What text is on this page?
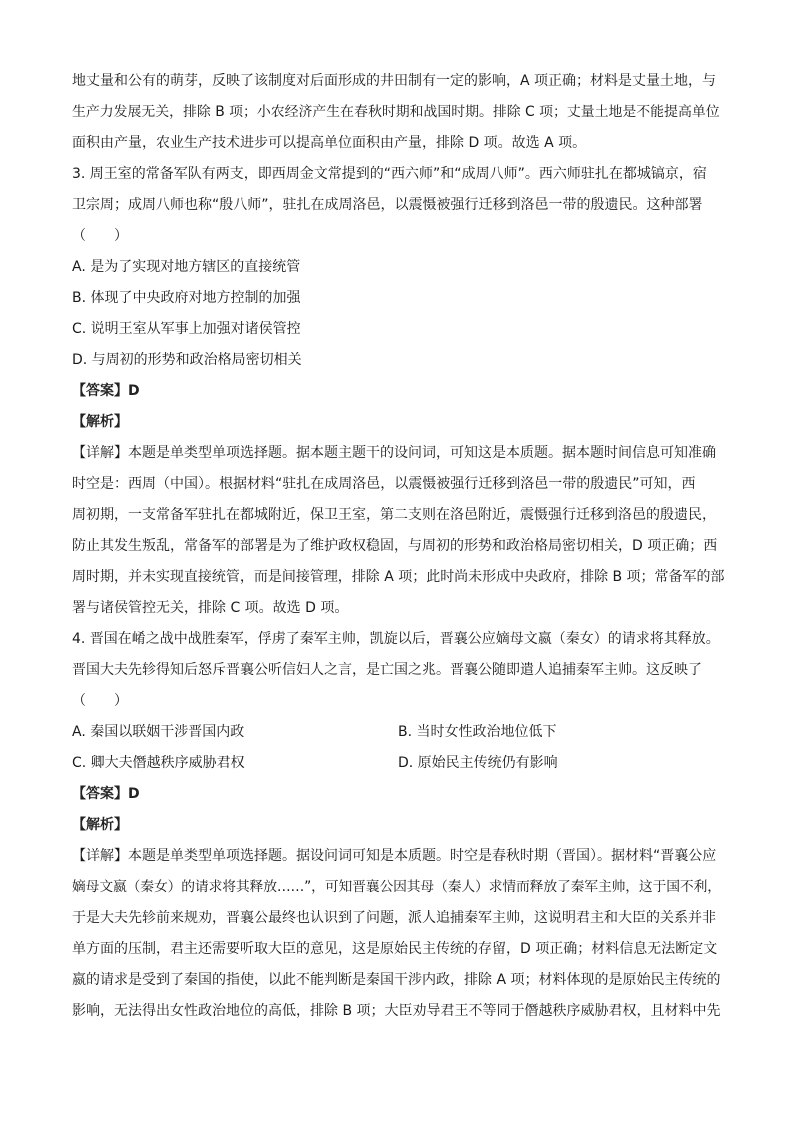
地丈量和公有的萌芽，反映了该制度对后面形成的井田制有一定的影响，A 项正确；材料是丈量土地，与

生产力发展无关，排除 B 项；小农经济产生在春秋时期和战国时期。排除 C 项；丈量土地是不能提高单位

面积由产量，农业生产技术进步可以提高单位面积由产量，排除 D 项。故选 A 项。

3. 周王室的常备军队有两支，即西周金文常提到的“西六师”和“成周八师”。西六师驻扎在都城镐京，宿

卫宗周；成周八师也称“殷八师”，驻扎在成周洛邑，以震慑被强行迁移到洛邑一带的殷遗民。这种部署

（　　）

A. 是为了实现对地方辖区的直接统管

B. 体现了中央政府对地方控制的加强

C. 说明王室从军事上加强对诸侯管控

D. 与周初的形势和政治格局密切相关

【答案】D

【解析】

【详解】本题是单类型单项选择题。据本题主题干的设问词，可知这是本质题。据本题时间信息可知准确

时空是：西周（中国）。根据材料“驻扎在成周洛邑，以震慑被强行迁移到洛邑一带的殷遗民”可知，西

周初期，一支常备军驻扎在都城附近，保卫王室，第二支则在洛邑附近，震慑强行迁移到洛邑的殷遗民，

防止其发生叛乱，常备军的部署是为了维护政权稳固，与周初的形势和政治格局密切相关，D 项正确；西

周时期，并未实现直接统管，而是间接管理，排除 A 项；此时尚未形成中央政府，排除 B 项；常备军的部

署与诸侯管控无关，排除 C 项。故选 D 项。

4. 晋国在崤之战中战胜秦军，俘虏了秦军主帅，凯旋以后，晋襄公应嫡母文嬴（秦女）的请求将其释放。

晋国大夫先轸得知后怒斥晋襄公听信妇人之言，是亡国之兆。晋襄公随即遣人追捕秦军主帅。这反映了

（　　）

A. 秦国以联姻干涉晋国内政	B. 当时女性政治地位低下
C. 卿大夫僭越秩序威胁君权	D. 原始民主传统仍有影响

【答案】D

【解析】

【详解】本题是单类型单项选择题。据设问词可知是本质题。时空是春秋时期（晋国）。据材料“晋襄公应

嫡母文嬴（秦女）的请求将其释放……”，可知晋襄公因其母（秦人）求情而释放了秦军主帅，这于国不利，

于是大夫先轸前来规劝，晋襄公最终也认识到了问题，派人追捕秦军主帅，这说明君主和大臣的关系并非

单方面的压制，君主还需要听取大臣的意见，这是原始民主传统的存留，D 项正确；材料信息无法断定文

嬴的请求是受到了秦国的指使，以此不能判断是秦国干涉内政，排除 A 项；材料体现的是原始民主传统的

影响，无法得出女性政治地位的高低，排除 B 项；大臣劝导君王不等同于僭越秩序威胁君权，且材料中先
